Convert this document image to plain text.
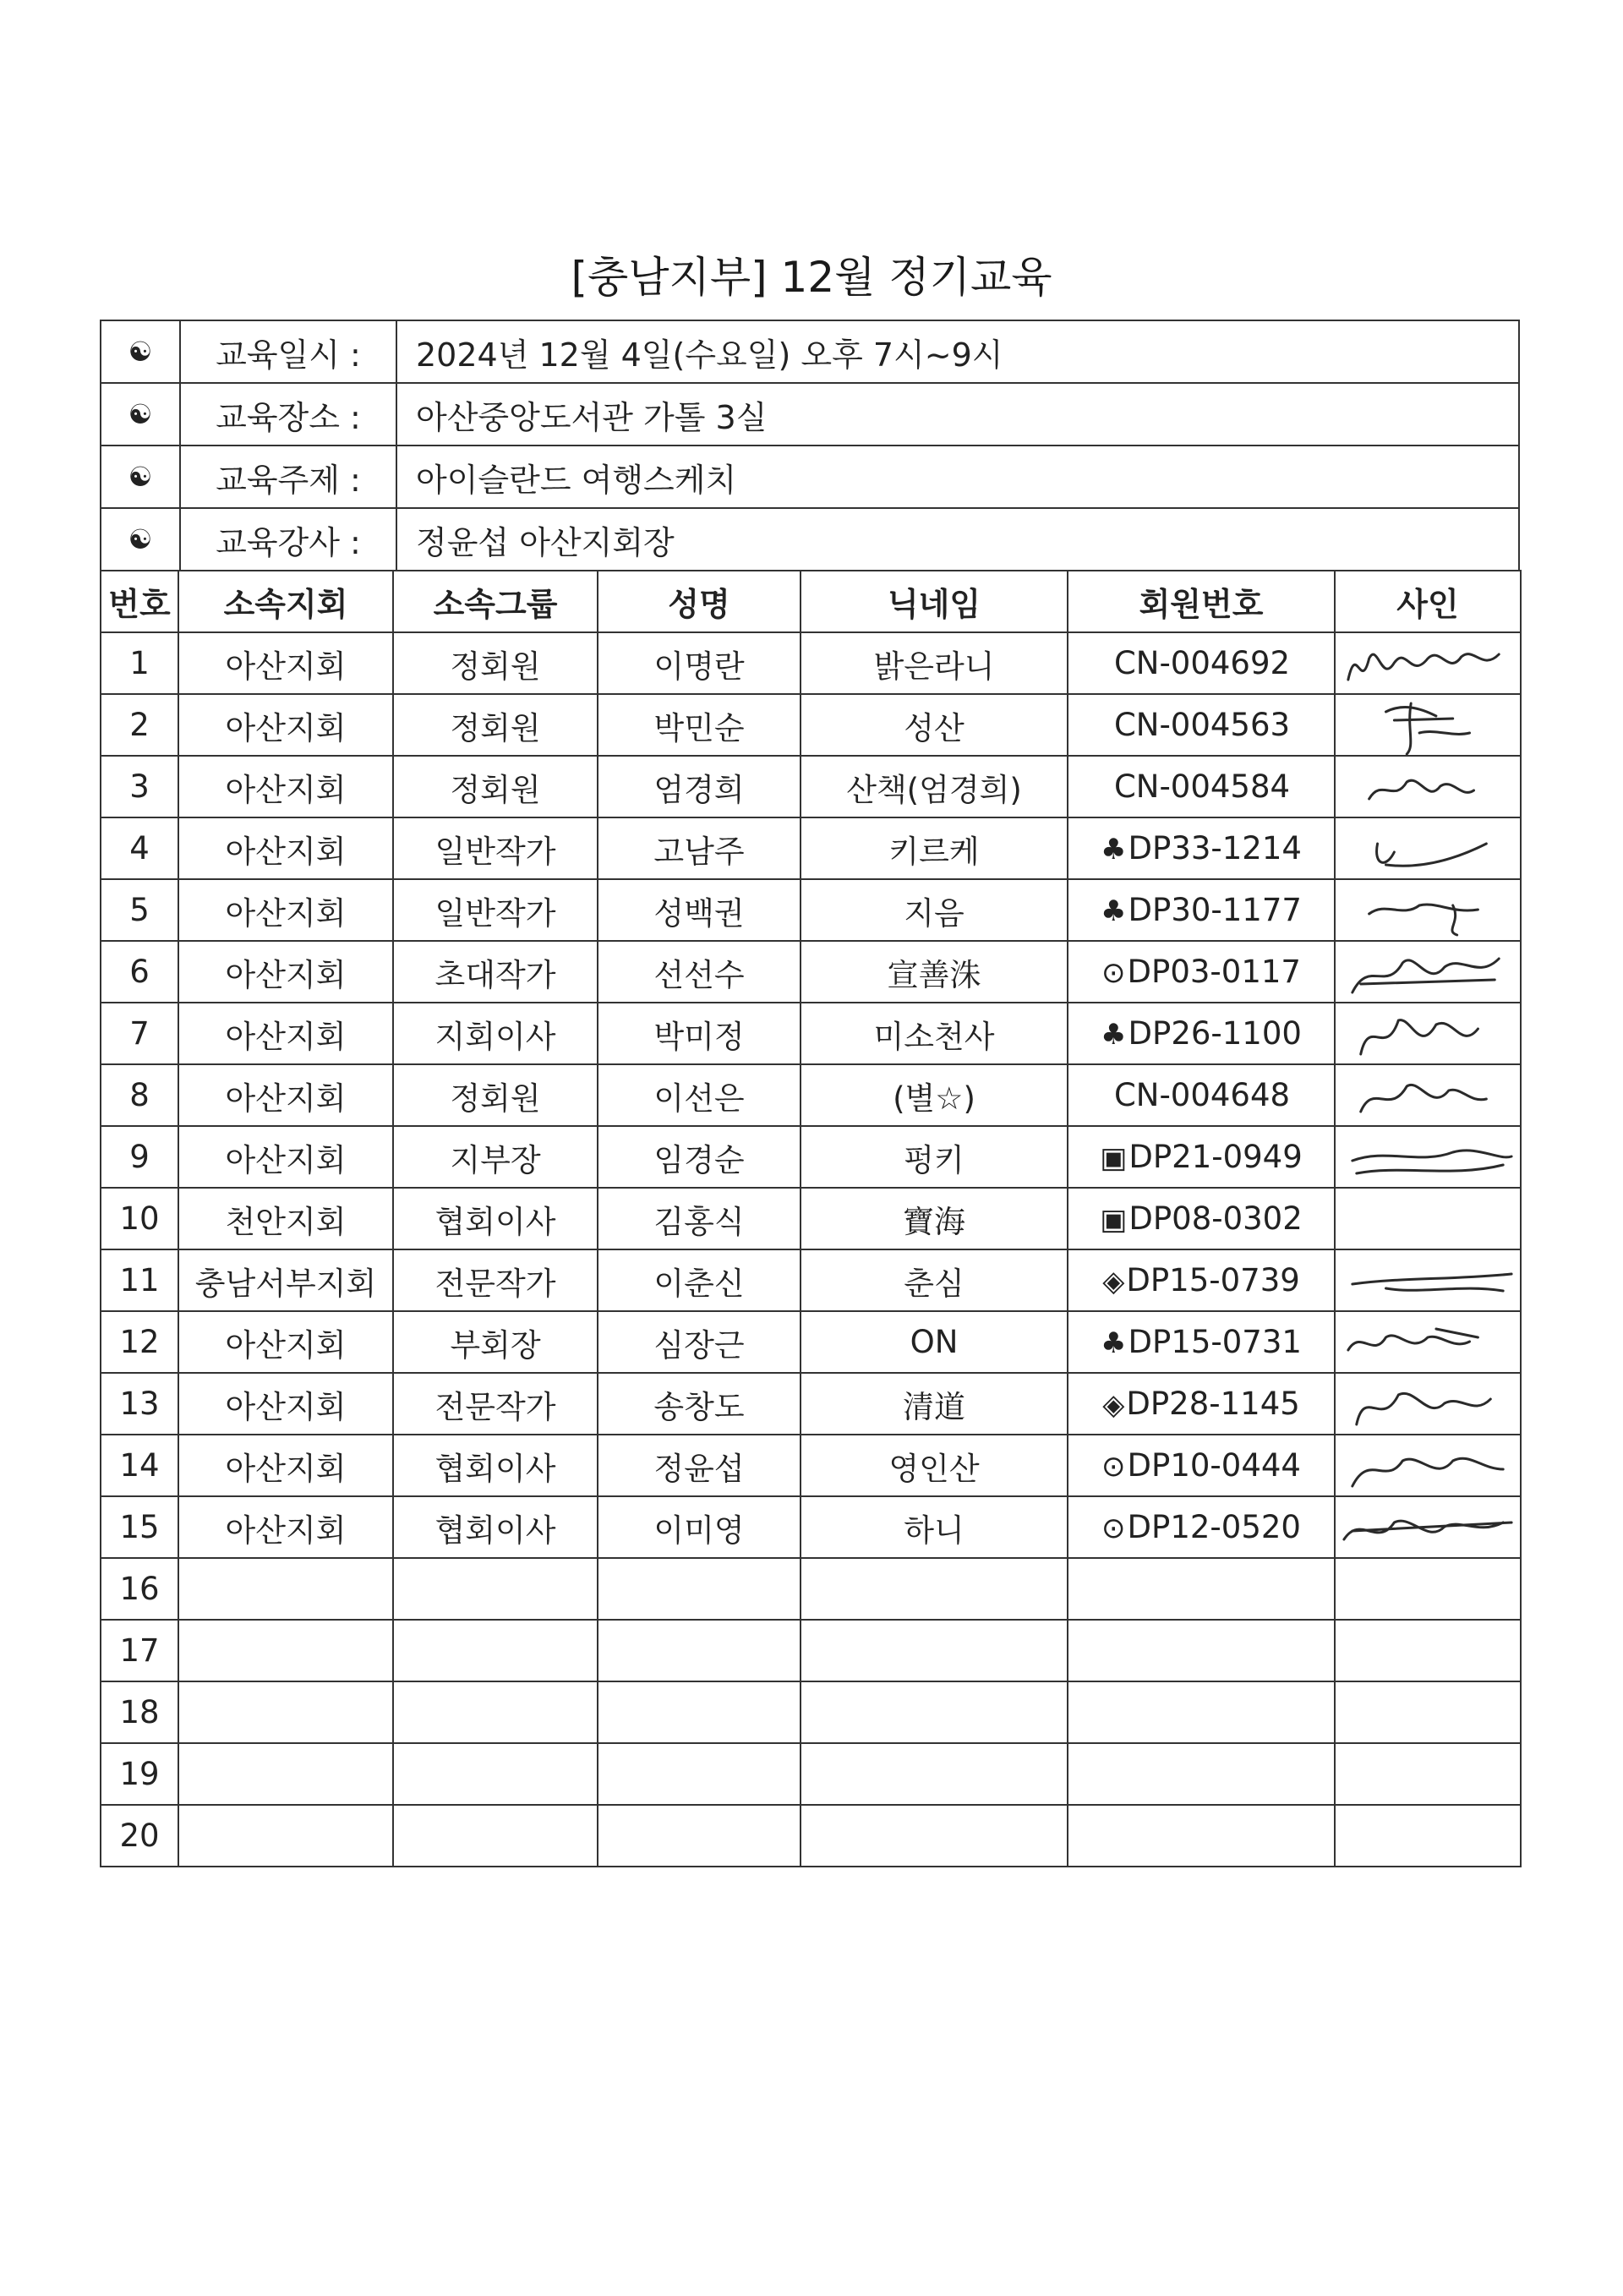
[충남지부] 12월 정기교육
☯	교육일시 :	2024년 12월 4일(수요일) 오후 7시~9시
☯	교육장소 :	아산중앙도서관 가톨 3실
☯	교육주제 :	아이슬란드 여행스케치
☯	교육강사 :	정윤섭 아산지회장
번호	소속지회	소속그룹	성명	닉네임	회원번호	사인
1	아산지회	정회원	이명란	밝은라니	CN-004692	

2	아산지회	정회원	박민순	성산	CN-004563	

3	아산지회	정회원	엄경희	산책(엄경희)	CN-004584	

4	아산지회	일반작가	고남주	키르케	♣DP33-1214	

5	아산지회	일반작가	성백권	지음	♣DP30-1177	

6	아산지회	초대작가	선선수	宣善洙	⊙DP03-0117	

7	아산지회	지회이사	박미정	미소천사	♣DP26-1100	

8	아산지회	정회원	이선은	(별☆)	CN-004648	

9	아산지회	지부장	임경순	펑키	▣DP21-0949	

10	천안지회	협회이사	김홍식	寶海	▣DP08-0302	
11	충남서부지회	전문작가	이춘신	춘심	◈DP15-0739	

12	아산지회	부회장	심장근	ON	♣DP15-0731	

13	아산지회	전문작가	송창도	清道	◈DP28-1145	

14	아산지회	협회이사	정윤섭	영인산	⊙DP10-0444	

15	아산지회	협회이사	이미영	하니	⊙DP12-0520	

16						
17						
18						
19						
20						
